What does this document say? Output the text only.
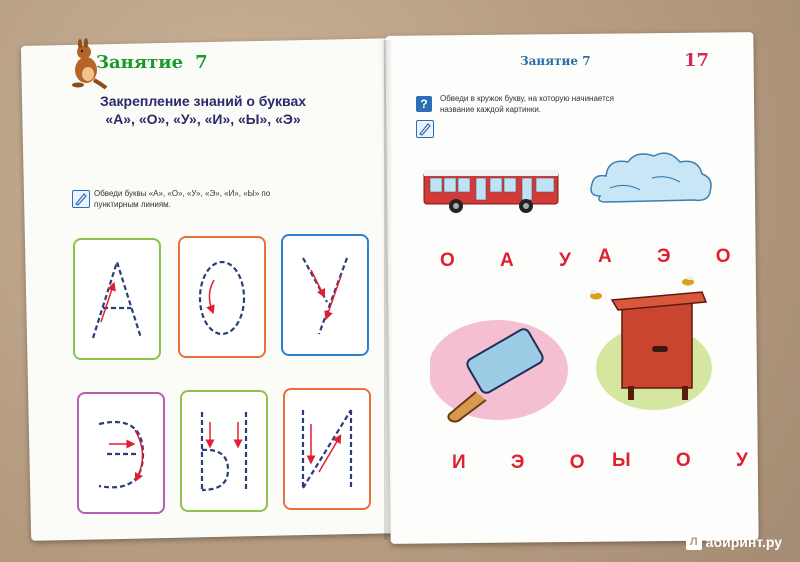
Занятие 7
Закрепление знаний о буквах
«А», «О», «У», «И», «Ы», «Э»
Обведи буквы «А», «О», «У», «Э», «И», «Ы» по
пунктирным линиям.
Занятие 7	17
?	Обведи в кружок букву, на которую начинается
название каждой картинки.
О А У А Э О
И Э О Ы О У
Л абиринт.ру
